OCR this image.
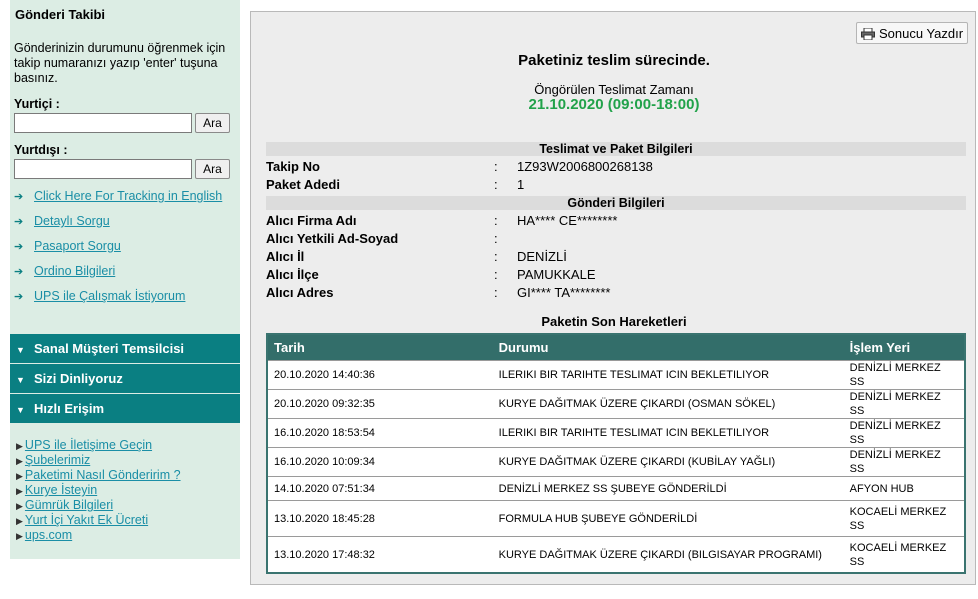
Gönderi Takibi
Gönderinizin durumunu öğrenmek için takip numaranızı yazıp 'enter' tuşuna basınız.
Yurtiçi :
Ara
Yurtdışı :
Ara
➔ Click Here For Tracking in English
➔ Detaylı Sorgu
➔ Pasaport Sorgu
➔ Ordino Bilgileri
➔ UPS ile Çalışmak İstiyorum
▼ Sanal Müşteri Temsilcisi
▼ Sizi Dinliyoruz
▼ Hızlı Erişim
▶ UPS ile İletişime Geçin
▶ Şubelerimiz
▶ Paketimi Nasıl Gönderirim ?
▶ Kurye İsteyin
▶ Gümrük Bilgileri
▶ Yurt İçi Yakıt Ek Ücreti
▶ ups.com
Sonucu Yazdır
Paketiniz teslim sürecinde.
Öngörülen Teslimat Zamanı
21.10.2020 (09:00-18:00)
Teslimat ve Paket Bilgileri
Takip No	: 1Z93W2006800268138
Paket Adedi	: 1
Gönderi Bilgileri
Alıcı Firma Adı	: HA**** CE********
Alıcı Yetkili Ad-Soyad	:
Alıcı İl	: DENİZLİ
Alıcı İlçe	: PAMUKKALE
Alıcı Adres	: GI**** TA********
Paketin Son Hareketleri
Tarih	Durumu	İşlem Yeri
20.10.2020 14:40:36	ILERIKI BIR TARIHTE TESLIMAT ICIN BEKLETILIYOR	DENİZLİ MERKEZ SS
20.10.2020 09:32:35	KURYE DAĞITMAK ÜZERE ÇIKARDI (OSMAN SÖKEL)	DENİZLİ MERKEZ SS
16.10.2020 18:53:54	ILERIKI BIR TARIHTE TESLIMAT ICIN BEKLETILIYOR	DENİZLİ MERKEZ SS
16.10.2020 10:09:34	KURYE DAĞITMAK ÜZERE ÇIKARDI (KUBİLAY YAĞLI)	DENİZLİ MERKEZ SS
14.10.2020 07:51:34	DENİZLİ MERKEZ SS ŞUBEYE GÖNDERİLDİ	AFYON HUB
13.10.2020 18:45:28	FORMULA HUB ŞUBEYE GÖNDERİLDİ	KOCAELİ MERKEZ SS
13.10.2020 17:48:32	KURYE DAĞITMAK ÜZERE ÇIKARDI (BILGISAYAR PROGRAMI)	KOCAELİ MERKEZ SS
